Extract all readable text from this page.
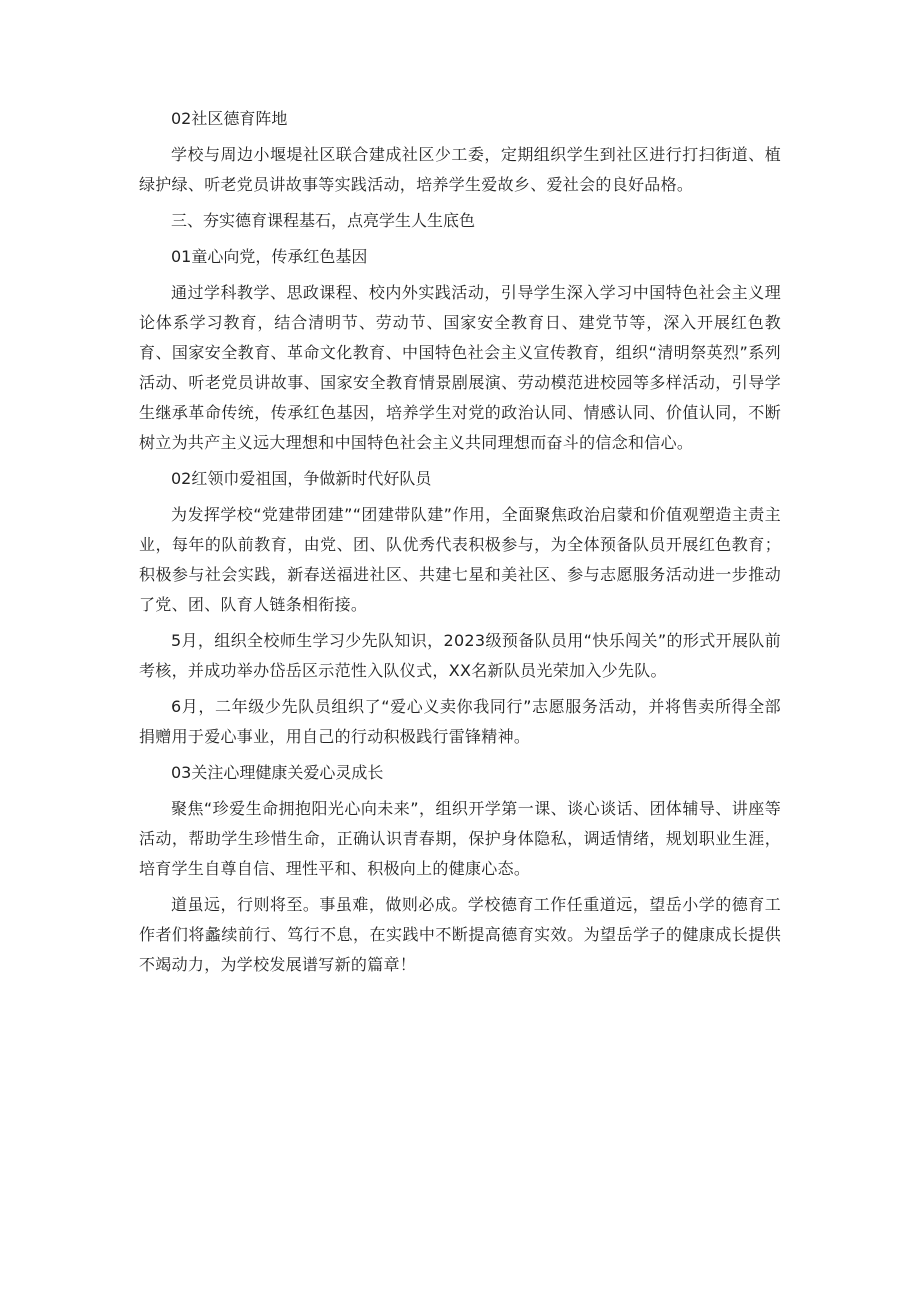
02社区德育阵地

学校与周边小堰堤社区联合建成社区少工委，定期组织学生到社区进行打扫街道、植绿护绿、听老党员讲故事等实践活动，培养学生爱故乡、爱社会的良好品格。

三、夯实德育课程基石，点亮学生人生底色

01童心向党，传承红色基因

通过学科教学、思政课程、校内外实践活动，引导学生深入学习中国特色社会主义理论体系学习教育，结合清明节、劳动节、国家安全教育日、建党节等，深入开展红色教育、国家安全教育、革命文化教育、中国特色社会主义宣传教育，组织“清明祭英烈”系列活动、听老党员讲故事、国家安全教育情景剧展演、劳动模范进校园等多样活动，引导学生继承革命传统，传承红色基因，培养学生对党的政治认同、情感认同、价值认同，不断树立为共产主义远大理想和中国特色社会主义共同理想而奋斗的信念和信心。

02红领巾爱祖国，争做新时代好队员

为发挥学校“党建带团建”“团建带队建”作用，全面聚焦政治启蒙和价值观塑造主责主业，每年的队前教育，由党、团、队优秀代表积极参与，为全体预备队员开展红色教育；积极参与社会实践，新春送福进社区、共建七星和美社区、参与志愿服务活动进一步推动了党、团、队育人链条相衔接。

5月，组织全校师生学习少先队知识，2023级预备队员用“快乐闯关”的形式开展队前考核，并成功举办岱岳区示范性入队仪式，XX名新队员光荣加入少先队。

6月，二年级少先队员组织了“爱心义卖你我同行”志愿服务活动，并将售卖所得全部捐赠用于爱心事业，用自己的行动积极践行雷锋精神。

03关注心理健康关爱心灵成长

聚焦“珍爱生命拥抱阳光心向未来”，组织开学第一课、谈心谈话、团体辅导、讲座等活动，帮助学生珍惜生命，正确认识青春期，保护身体隐私，调适情绪，规划职业生涯，培育学生自尊自信、理性平和、积极向上的健康心态。

道虽远，行则将至。事虽难，做则必成。学校德育工作任重道远，望岳小学的德育工作者们将蠡续前行、笃行不息，在实践中不断提高德育实效。为望岳学子的健康成长提供不竭动力，为学校发展谱写新的篇章！
